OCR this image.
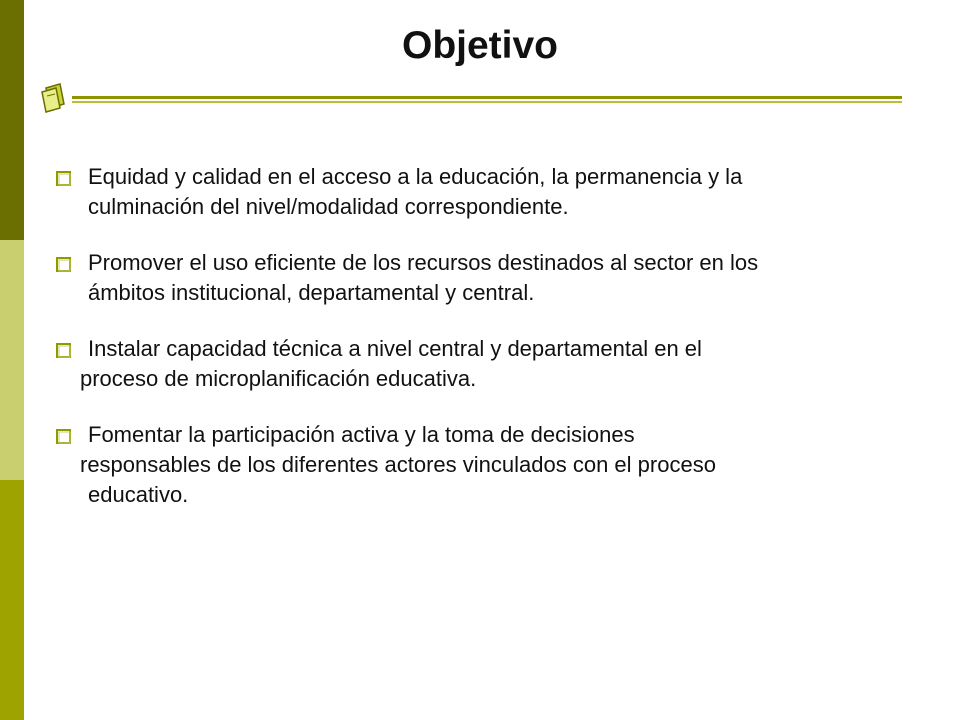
Objetivo
Equidad y calidad en el acceso a la educación, la permanencia y la
culminación del nivel/modalidad correspondiente.
Promover el uso eficiente de los recursos destinados al sector en los
ámbitos institucional, departamental y central.
Instalar capacidad técnica a nivel central y departamental en el
proceso de microplanificación educativa.
Fomentar la participación activa y la toma de decisiones
responsables de los diferentes actores vinculados con el proceso
educativo.
